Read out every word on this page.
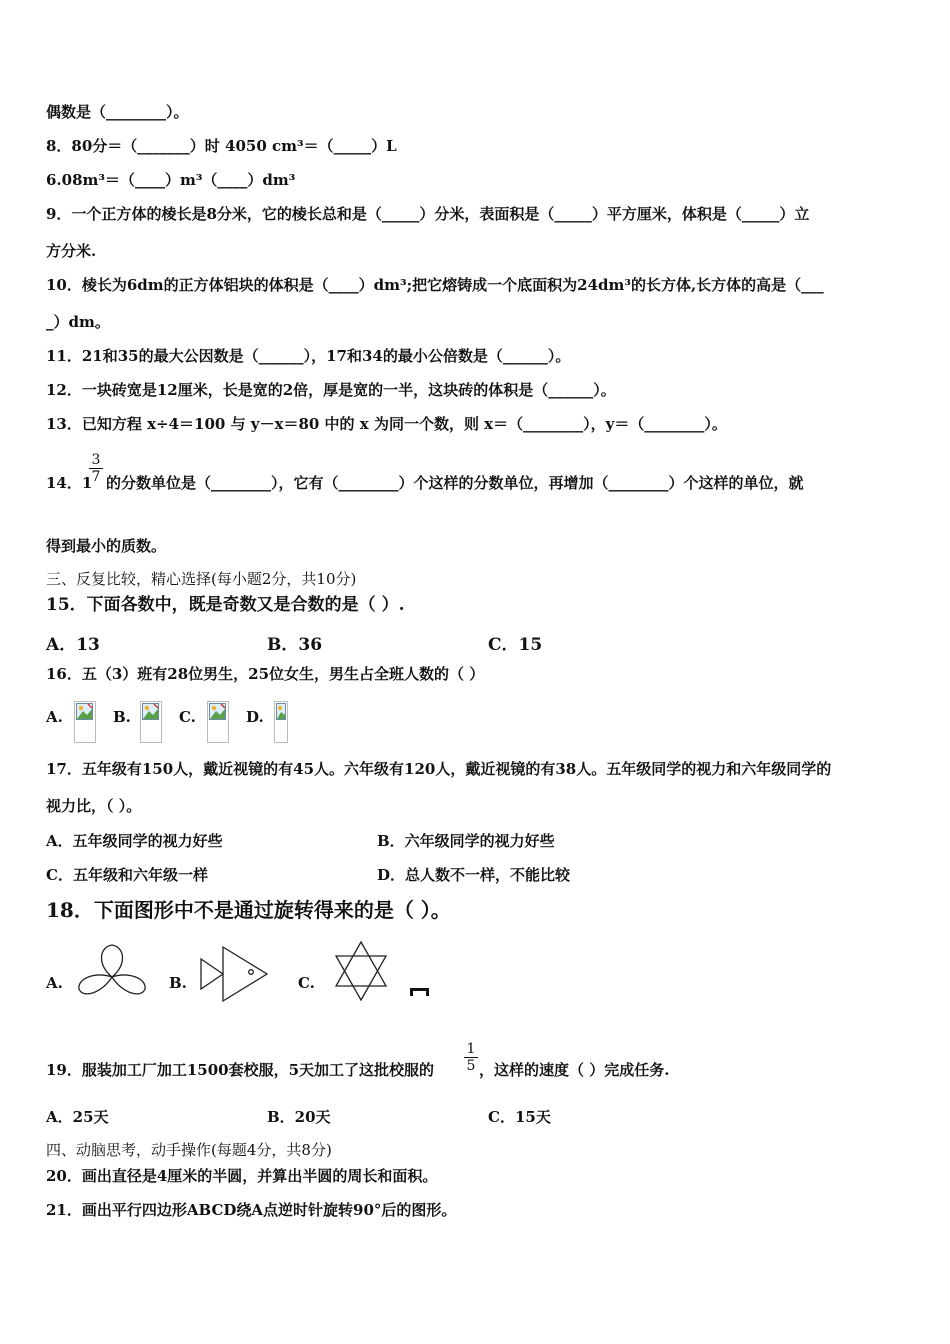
偶数是（________）。
8．80分＝（_______）时 4050 cm³＝（_____）L
6.08m³＝（____）m³（____）dm³
9．一个正方体的棱长是8分米，它的棱长总和是（_____）分米，表面积是（_____）平方厘米，体积是（_____）立
方分米.
10．棱长为6dm的正方体铝块的体积是（____）dm³;把它熔铸成一个底面积为24dm³的长方体,长方体的高是（___
_）dm。
11．21和35的最大公因数是（______），17和34的最小公倍数是（______）。
12．一块砖宽是12厘米，长是宽的2倍，厚是宽的一半，这块砖的体积是（______）。
13．已知方程 x÷4＝100 与 y－x＝80 中的 x 为同一个数，则 x＝（________），y＝（________）。
14．1
$\frac{3}{7}$ 的分数单位是（________），它有（________）个这样的分数单位，再增加（________）个这样的单位，就
得到最小的质数。
三、反复比较，精心选择(每小题2分，共10分)
15．下面各数中，既是奇数又是合数的是（ ）.
A．13	B．36	C．15
16．五（3）班有28位男生，25位女生，男生占全班人数的（ ）
A.	B.	C.	D.
17．五年级有150人，戴近视镜的有45人。六年级有120人，戴近视镜的有38人。五年级同学的视力和六年级同学的
视力比，（ ）。
A．五年级同学的视力好些	B．六年级同学的视力好些
C．五年级和六年级一样	D．总人数不一样，不能比较
18．下面图形中不是通过旋转得来的是（ ）。
A.	B.	C.
19．服装加工厂加工1500套校服，5天加工了这批校服的 $\frac{1}{5}$ ，这样的速度（ ）完成任务.
A．25天	B．20天	C．15天
四、动脑思考，动手操作(每题4分，共8分)
20．画出直径是4厘米的半圆，并算出半圆的周长和面积。
21．画出平行四边形ABCD绕A点逆时针旋转90°后的图形。
